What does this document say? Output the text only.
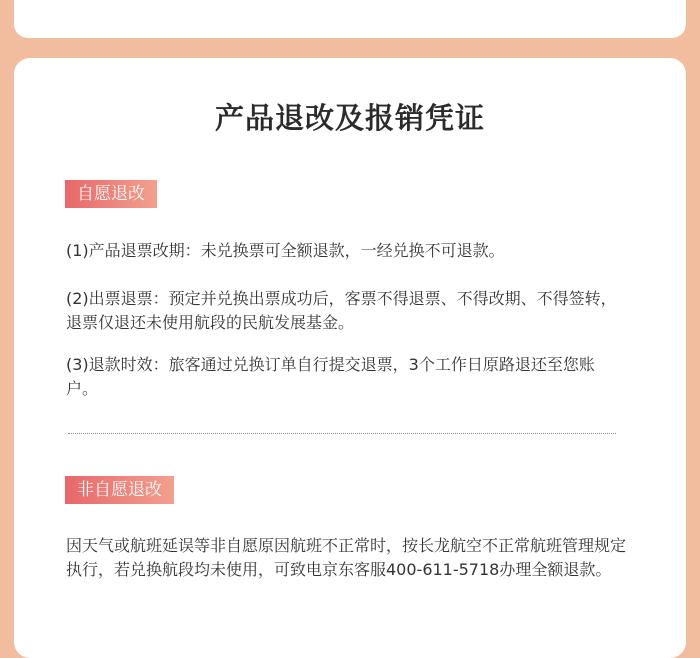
产品退改及报销凭证
自愿退改
(1)产品退票改期：未兑换票可全额退款，一经兑换不可退款。
(2)出票退票：预定并兑换出票成功后，客票不得退票、不得改期、不得签转，退票仅退还未使用航段的民航发展基金。
(3)退款时效：旅客通过兑换订单自行提交退票，3个工作日原路退还至您账户。
非自愿退改
因天气或航班延误等非自愿原因航班不正常时，按长龙航空不正常航班管理规定执行，若兑换航段均未使用，可致电京东客服400-611-5718办理全额退款。
